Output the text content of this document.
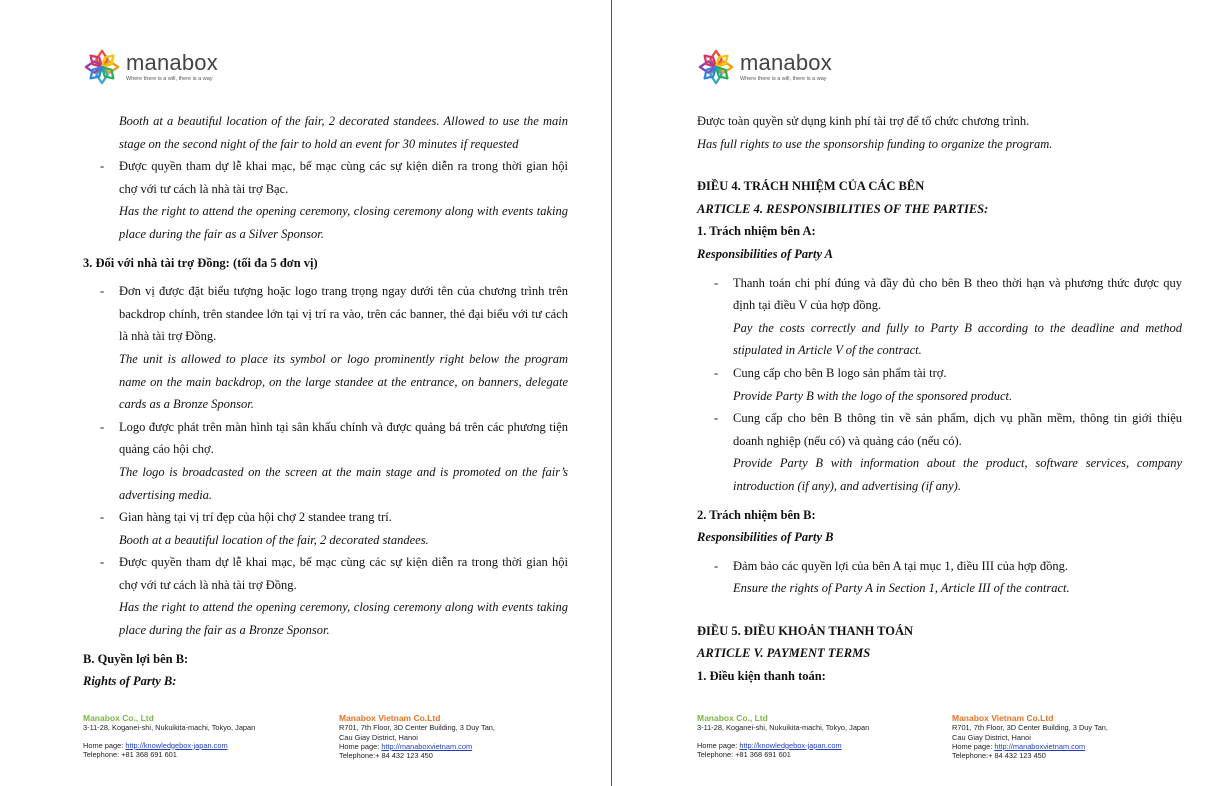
manabox
Where there is a will, there is a way

Booth at a beautiful location of the fair, 2 decorated standees. Allowed to use the main stage on the second night of the fair to hold an event for 30 minutes if requested

- Được quyền tham dự lễ khai mạc, bế mạc cùng các sự kiện diễn ra trong thời gian hội chợ với tư cách là nhà tài trợ Bạc.

Has the right to attend the opening ceremony, closing ceremony along with events taking place during the fair as a Silver Sponsor.

3. Đối với nhà tài trợ Đồng: (tối đa 5 đơn vị)

- Đơn vị được đặt biểu tượng hoặc logo trang trọng ngay dưới tên của chương trình trên backdrop chính, trên standee lớn tại vị trí ra vào, trên các banner, thẻ đại biểu với tư cách là nhà tài trợ Đồng.

The unit is allowed to place its symbol or logo prominently right below the program name on the main backdrop, on the large standee at the entrance, on banners, delegate cards as a Bronze Sponsor.

- Logo được phát trên màn hình tại sân khấu chính và được quảng bá trên các phương tiện quảng cáo hội chợ.

The logo is broadcasted on the screen at the main stage and is promoted on the fair’s advertising media.

- Gian hàng tại vị trí đẹp của hội chợ 2 standee trang trí.

Booth at a beautiful location of the fair, 2 decorated standees.

- Được quyền tham dự lễ khai mạc, bế mạc cùng các sự kiện diễn ra trong thời gian hội chợ với tư cách là nhà tài trợ Đồng.

Has the right to attend the opening ceremony, closing ceremony along with events taking place during the fair as a Bronze Sponsor.

B. Quyền lợi bên B:

Rights of Party B:

Manabox Co., Ltd
3-11-28, Koganei-shi, Nukuikita-machi, Tokyo, Japan
Home page: http://knowledgebox-japan.com
Telephone: +81 368 691 601
Manabox Vietnam Co.Ltd
R701, 7th Floor, 3D Center Building, 3 Duy Tan,
Cau Giay District, Hanoi
Home page: http://manaboxvietnam.com
Telephone:+ 84 432 123 450
manabox
Where there is a will, there is a way

Được toàn quyền sử dụng kinh phí tài trợ để tổ chức chương trình.

Has full rights to use the sponsorship funding to organize the program.

ĐIỀU 4. TRÁCH NHIỆM CỦA CÁC BÊN

ARTICLE 4. RESPONSIBILITIES OF THE PARTIES:

1. Trách nhiệm bên A:

Responsibilities of Party A

- Thanh toán chi phí đúng và đầy đủ cho bên B theo thời hạn và phương thức được quy định tại điều V của hợp đồng.

Pay the costs correctly and fully to Party B according to the deadline and method stipulated in Article V of the contract.

- Cung cấp cho bên B logo sản phẩm tài trợ.

Provide Party B with the logo of the sponsored product.

- Cung cấp cho bên B thông tin về sản phẩm, dịch vụ phần mềm, thông tin giới thiệu doanh nghiệp (nếu có) và quảng cáo (nếu có).

Provide Party B with information about the product, software services, company introduction (if any), and advertising (if any).

2. Trách nhiệm bên B:

Responsibilities of Party B

- Đảm bảo các quyền lợi của bên A tại mục 1, điều III của hợp đồng.

Ensure the rights of Party A in Section 1, Article III of the contract.

ĐIỀU 5. ĐIỀU KHOẢN THANH TOÁN

ARTICLE V. PAYMENT TERMS

1. Điều kiện thanh toán:

Manabox Co., Ltd
3-11-28, Koganei-shi, Nukuikita-machi, Tokyo, Japan
Home page: http://knowledgebox-japan.com
Telephone: +81 368 691 601
Manabox Vietnam Co.Ltd
R701, 7th Floor, 3D Center Building, 3 Duy Tan,
Cau Giay District, Hanoi
Home page: http://manaboxvietnam.com
Telephone:+ 84 432 123 450
